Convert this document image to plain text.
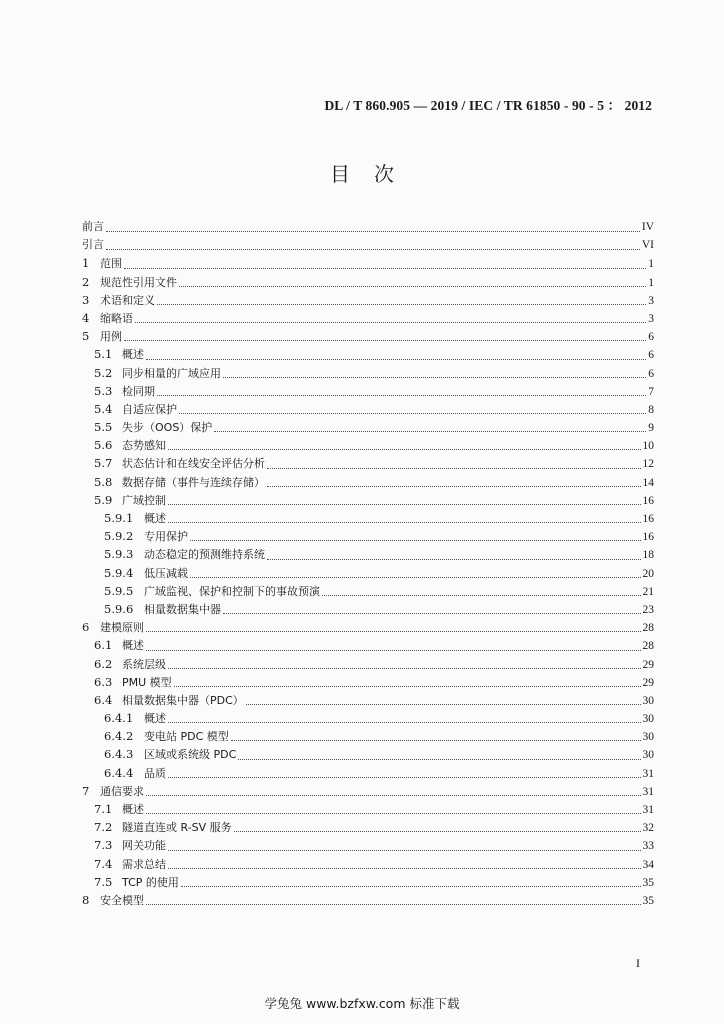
DL / T 860.905 — 2019 / IEC / TR 61850 - 90 - 5 ： 2012
目次
前言	IV
引言	VI
1 范围	1
2 规范性引用文件	1
3 术语和定义	3
4 缩略语	3
5 用例	6
5.1 概述	6
5.2 同步相量的广域应用	6
5.3 检同期	7
5.4 自适应保护	8
5.5 失步（OOS）保护	9
5.6 态势感知	10
5.7 状态估计和在线安全评估分析	12
5.8 数据存储（事件与连续存储）	14
5.9 广域控制	16
5.9.1 概述	16
5.9.2 专用保护	16
5.9.3 动态稳定的预测维持系统	18
5.9.4 低压减载	20
5.9.5 广域监视、保护和控制下的事故预演	21
5.9.6 相量数据集中器	23
6 建模原则	28
6.1 概述	28
6.2 系统层级	29
6.3 PMU 模型	29
6.4 相量数据集中器（PDC）	30
6.4.1 概述	30
6.4.2 变电站 PDC 模型	30
6.4.3 区域或系统级 PDC	30
6.4.4 品质	31
7 通信要求	31
7.1 概述	31
7.2 隧道直连或 R-SV 服务	32
7.3 网关功能	33
7.4 需求总结	34
7.5 TCP 的使用	35
8 安全模型	35
I
学兔兔 www.bzfxw.com 标准下载
